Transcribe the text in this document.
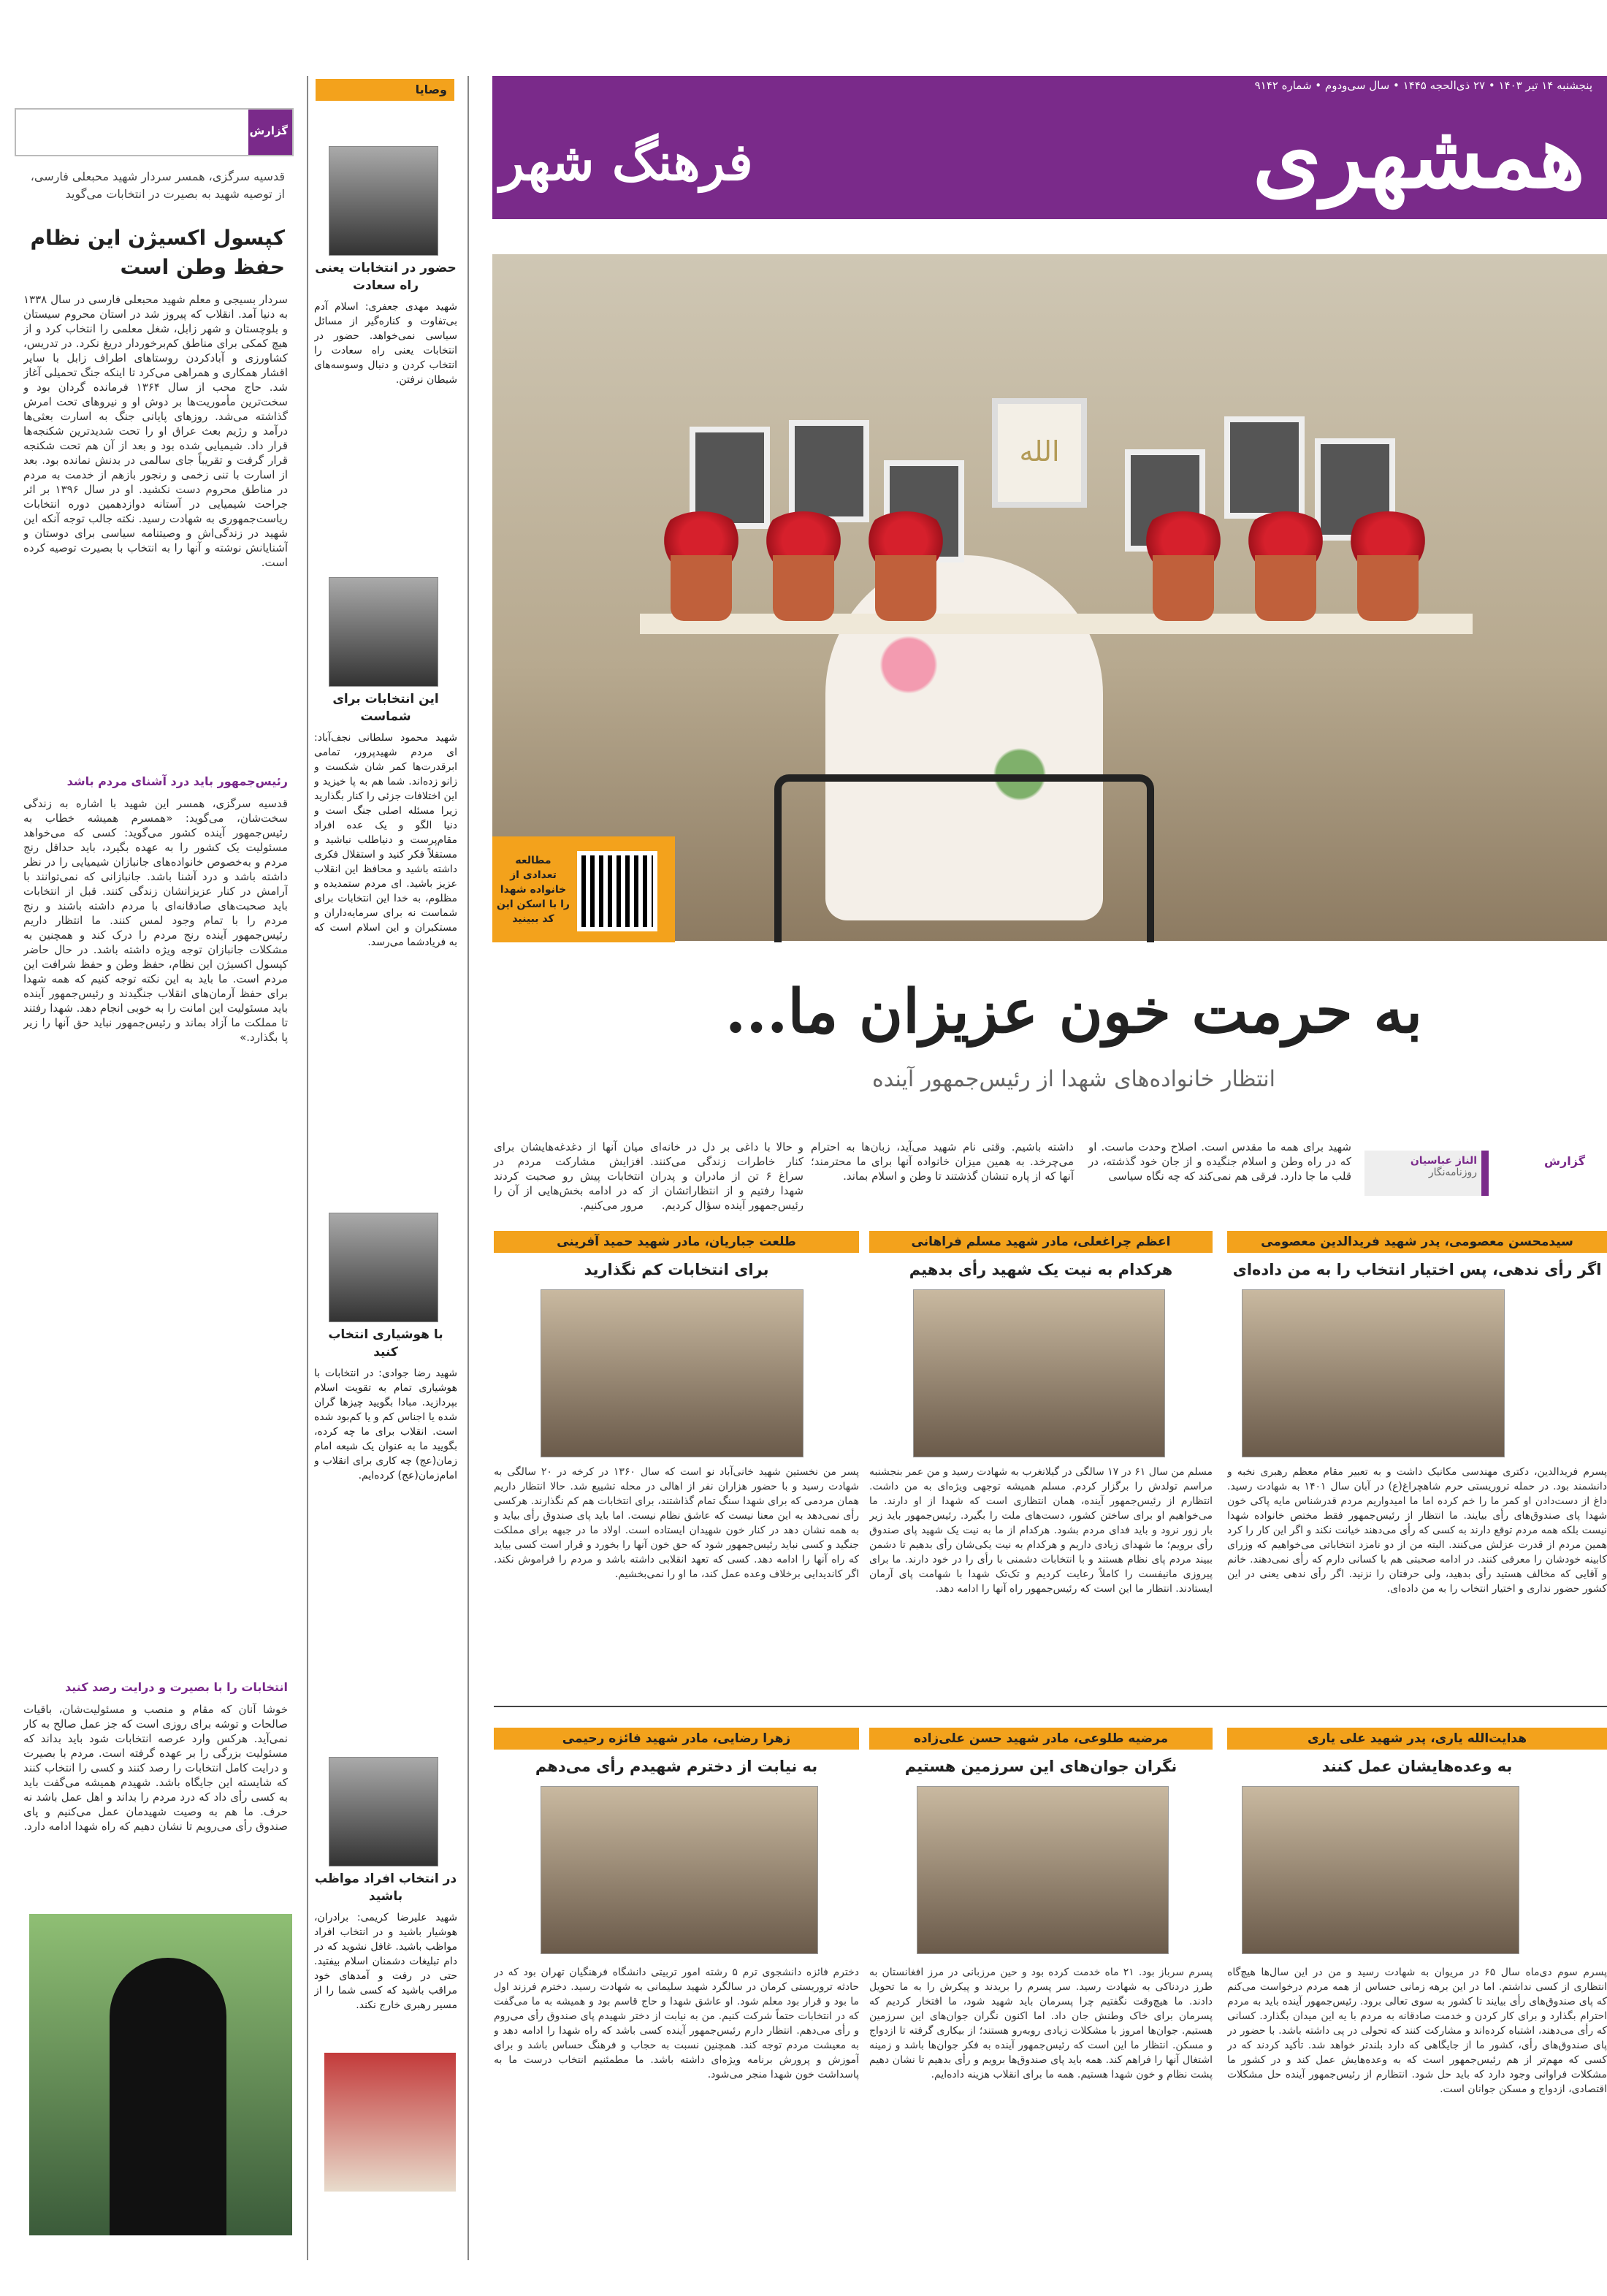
پنجشنبه ۱۴ تیر ۱۴۰۳ • ۲۷ ذی‌الحجه ۱۴۴۵ • سال سی‌ودوم • شماره ۹۱۴۲
همشهری
فرهنگ شهر
الله
مطالعه تعدادی از خانواده شهدا را با اسکن این کد ببینید
به حرمت خون عزیزان ما...
انتظار خانواده‌های شهدا از رئیس‌جمهور آینده
گزارش
الناز عباسیان
روزنامه‌نگار
شهید برای همه ما مقدس است. اصلاح وحدت ماست. او که در راه وطن و اسلام جنگیده و از جان خود گذشته، در قلب ما جا دارد. فرقی هم نمی‌کند که چه نگاه سیاسی
داشته باشیم. وقتی نام شهید می‌آید، زبان‌ها به احترام می‌چرخد. به همین میزان خانواده آنها برای ما محترمند؛ آنها که از پاره تنشان گذشتند تا وطن و اسلام بماند.
و حالا با داغی بر دل در خانه‌ای کنار خاطرات زندگی می‌کنند. سراغ ۶ تن از مادران و پدران شهدا رفتیم و از انتظاراتشان از رئیس‌جمهور آینده سؤال کردیم.
میان آنها از دغدغه‌هایشان برای افزایش مشارکت مردم در انتخابات پیش رو صحبت کردند که در ادامه بخش‌هایی از آن را مرور می‌کنیم.
سیدمحسن معصومی، پدر شهید فریدالدین معصومی
اگر رأی ندهی، پس اختیار انتخاب را به من داده‌ای
پسرم فریدالدین، دکتری مهندسی مکانیک داشت و به تعبیر مقام معظم رهبری نخبه و دانشمند بود. در حمله تروریستی حرم شاهچراغ(ع) در آبان سال ۱۴۰۱ به شهادت رسید. داغ از دست‌دادن او کمر ما را خم کرده اما ما امیدواریم مردم قدرشناس مایه پاکی خون شهدا پای صندوق‌های رأی بیایند. ما انتظار از رئیس‌جمهور فقط مختص خانواده شهدا نیست بلکه همه مردم توقع دارند به کسی که رأی می‌دهند خیانت نکند و اگر این کار را کرد همین مردم از قدرت عزلش می‌کنند. البته من از دو نامزد انتخاباتی می‌خواهیم که وزرای کابینه خودشان را معرفی کنند. در ادامه صحبتی هم با کسانی دارم که رأی نمی‌دهند. خانم و آقایی که مخالف هستید رأی بدهید، ولی حرفتان را نزنید. اگر رأی ندهی یعنی در این کشور حضور نداری و اختیار انتخاب را به من داده‌ای.
اعظم چراغعلی، مادر شهید مسلم فراهانی
هرکدام به نیت یک شهید رأی بدهیم
مسلم من سال ۶۱ در ۱۷ سالگی در گیلانغرب به شهادت رسید و من عمر بنجشنبه مراسم تولدش را برگزار کردم. مسلم همیشه توجهی ویژه‌ای به من داشت. انتظارم از رئیس‌جمهور آینده، همان انتظاری است که شهدا از او دارند. ما می‌خواهیم او برای ساختن کشور، دست‌های ملت را بگیرد. رئیس‌جمهور باید زیر بار زور نرود و باید فدای مردم بشود. هرکدام از ما به نیت یک شهید پای صندوق رأی برویم؛ ما شهدای زیادی داریم و هرکدام به نیت یکی‌شان رأی بدهیم تا دشمن ببیند مردم پای نظام هستند و با انتخابات دشمنی با رأی را در خود دارند. ما برای پیروزی مانیفست را کاملاً رعایت کردیم و تک‌تک شهدا با شهامت پای آرمان ایستادند. انتظار ما این است که رئیس‌جمهور راه آنها را ادامه دهد.
طلعت جباریان، مادر شهید حمید آفرینی
برای انتخابات کم نگذارید
پسر من نخستین شهید خانی‌آباد نو است که سال ۱۳۶۰ در کرخه در ۲۰ سالگی به شهادت رسید و با حضور هزاران نفر از اهالی در محله تشییع شد. حالا انتظار داریم همان مردمی که برای شهدا سنگ تمام گذاشتند، برای انتخابات هم کم نگذارند. هرکسی رأی نمی‌دهد به این معنا نیست که عاشق نظام نیست. اما باید پای صندوق رأی بیاید و به همه نشان دهد در کنار خون شهیدان ایستاده است. اولاد ما در جبهه برای مملکت جنگید و کسی نباید رئیس‌جمهور شود که حق خون آنها را بخورد و قرار است کسی بیاید که راه آنها را ادامه دهد. کسی که تعهد انقلابی داشته باشد و مردم را فراموش نکند. اگر کاندیدایی برخلاف وعده عمل کند، ما او را نمی‌بخشیم.
هدایت‌الله یاری، پدر شهید علی یاری
به وعده‌هایشان عمل کنند
پسرم سوم دی‌ماه سال ۶۵ در مریوان به شهادت رسید و من در این سال‌ها هیچ‌گاه انتظاری از کسی نداشتم. اما در این برهه زمانی حساس از همه مردم درخواست می‌کنم که پای صندوق‌های رأی بیایند تا کشور به سوی تعالی برود. رئیس‌جمهور آینده باید به مردم احترام بگذارد و برای کار کردن و خدمت صادقانه به مردم با یه این میدان بگذارد. کسانی که رأی می‌دهند، اشتباه کرده‌اند و مشارکت کنند که تحولی در پی داشته باشد. با حضور در پای صندوق‌های رأی، کشور ما از جایگاهی که دارد بلندتر خواهد شد. تأکید کردند که در کسی که مهم‌تر از هم رئیس‌جمهور است که به وعده‌هایش عمل کند و در کشور ما مشکلات فراوانی وجود دارد که باید حل شود. انتظارم از رئیس‌جمهور آینده حل مشکلات اقتصادی، ازدواج و مسکن جوانان است.
مرضیه طلوعی، مادر شهید حسن علی‌زاده
نگران جوان‌های این سرزمین هستیم
پسرم سرباز بود. ۲۱ ماه خدمت کرده بود و حین مرزبانی در مرز افغانستان به طرز دردناکی به شهادت رسید. سر پسرم را بریدند و پیکرش را به ما تحویل دادند. ما هیچ‌وقت نگفتیم چرا پسرمان باید شهید شود، ما افتخار کردیم که پسرمان برای خاک وطنش جان داد. اما اکنون نگران جوان‌های این سرزمین هستیم. جوان‌ها امروز با مشکلات زیادی روبه‌رو هستند؛ از بیکاری گرفته تا ازدواج و مسکن. انتظار ما این است که رئیس‌جمهور آینده به فکر جوان‌ها باشد و زمینه اشتغال آنها را فراهم کند. همه باید پای صندوق‌ها برویم و رأی بدهیم تا نشان دهیم پشت نظام و خون شهدا هستیم. همه ما برای انقلاب هزینه داده‌ایم.
زهرا رضایی، مادر شهید فائزه رحیمی
به نیابت از دخترم شهیدم رأی می‌دهم
دخترم فائزه دانشجوی ترم ۵ رشته امور تربیتی دانشگاه فرهنگیان تهران بود که در حادثه تروریستی کرمان در سالگرد شهید سلیمانی به شهادت رسید. دخترم فرزند اول ما بود و قرار بود معلم شود. او عاشق شهدا و حاج قاسم بود و همیشه به ما می‌گفت که در انتخابات حتماً شرکت کنیم. من به نیابت از دختر شهیدم پای صندوق رأی می‌روم و رأی می‌دهم. انتظار دارم رئیس‌جمهور آینده کسی باشد که راه شهدا را ادامه دهد و به معیشت مردم توجه کند. همچنین نسبت به حجاب و فرهنگ حساس باشد و برای آموزش و پرورش برنامه ویژه‌ای داشته باشد. ما مطمئنیم انتخاب درست ما به پاسداشت خون شهدا منجر می‌شود.
گزارش
قدسیه سرگزی، همسر سردار شهید محبعلی فارسی، از توصیه شهید به بصیرت در انتخابات می‌گوید
کپسول اکسیژن این نظام حفظ وطن است
سردار بسیجی و معلم شهید محبعلی فارسی در سال ۱۳۳۸ به دنیا آمد. انقلاب که پیروز شد در استان محروم سیستان و بلوچستان و شهر زابل، شغل معلمی را انتخاب کرد و از هیچ کمکی برای مناطق کم‌برخوردار دریغ نکرد. در تدریس، کشاورزی و آبادکردن روستاهای اطراف زابل با سایر اقشار همکاری و همراهی می‌کرد تا اینکه جنگ تحمیلی آغاز شد. حاج محب از سال ۱۳۶۴ فرمانده گردان بود و سخت‌ترین مأموریت‌ها بر دوش او و نیروهای تحت امرش گذاشته می‌شد. روزهای پایانی جنگ به اسارت بعثی‌ها درآمد و رژیم بعث عراق او را تحت شدیدترین شکنجه‌ها قرار داد. شیمیایی شده بود و بعد از آن هم تحت شکنجه قرار گرفت و تقریباً جای سالمی در بدنش نمانده بود. بعد از اسارت با تنی زخمی و رنجور بازهم از خدمت به مردم در مناطق محروم دست نکشید. او در سال ۱۳۹۶ بر اثر جراحت شیمیایی در آستانه دوازدهمین دوره انتخابات ریاست‌جمهوری به شهادت رسید. نکته جالب توجه آنکه این شهید در زندگی‌اش و وصیتنامه سیاسی برای دوستان و آشنایانش نوشته و آنها را به انتخاب با بصیرت توصیه کرده است.
رئیس‌جمهور باید درد آشنای مردم باشد
قدسیه سرگزی، همسر این شهید با اشاره به زندگی سخت‌شان، می‌گوید: «همسرم همیشه خطاب به رئیس‌جمهور آینده کشور می‌گوید: کسی که می‌خواهد مسئولیت یک کشور را به عهده بگیرد، باید حداقل رنج مردم و به‌خصوص خانواده‌های جانبازان شیمیایی را در نظر داشته باشد و درد آشنا باشد. جانبازانی که نمی‌توانند با آرامش در کنار عزیزانشان زندگی کنند. قبل از انتخابات باید صحبت‌های صادقانه‌ای با مردم داشته باشند و رنج مردم را با تمام وجود لمس کنند. ما انتظار داریم رئیس‌جمهور آینده رنج مردم را درک کند و همچنین به مشکلات جانبازان توجه ویژه داشته باشد. در حال حاضر کپسول اکسیژن این نظام، حفظ وطن و حفظ شرافت این مردم است. ما باید به این نکته توجه کنیم که همه شهدا برای حفظ آرمان‌های انقلاب جنگیدند و رئیس‌جمهور آینده باید مسئولیت این امانت را به خوبی انجام دهد. شهدا رفتند تا مملکت ما آزاد بماند و رئیس‌جمهور نباید حق آنها را زیر پا بگذارد.»
انتخابات را با بصیرت و درایت رصد کنید
خوشا آنان که مقام و منصب و مسئولیت‌شان، باقیات صالحات و توشه برای روزی است که جز عمل صالح به کار نمی‌آید. هرکس وارد عرصه انتخابات شود باید بداند که مسئولیت بزرگی را بر عهده گرفته است. مردم با بصیرت و درایت کامل انتخابات را رصد کنند و کسی را انتخاب کنند که شایسته این جایگاه باشد. شهیدم همیشه می‌گفت باید به کسی رأی داد که درد مردم را بداند و اهل عمل باشد نه حرف. ما هم به وصیت شهیدمان عمل می‌کنیم و پای صندوق رأی می‌رویم تا نشان دهیم که راه شهدا ادامه دارد.
وصایا
حضور در انتخابات یعنی راه سعادت
شهید مهدی جعفری: اسلام آدم بی‌تفاوت و کناره‌گیر از مسائل سیاسی نمی‌خواهد. حضور در انتخابات یعنی راه سعادت را انتخاب کردن و دنبال وسوسه‌های شیطان نرفتن.
این انتخابات برای شماست
شهید محمود سلطانی نجف‌آباد: ای مردم شهیدپرور، تمامی ابرقدرت‌ها کمر شان شکست و زانو زده‌اند. شما هم به پا خیزید و این اختلافات جزئی را کنار بگذارید زیرا مسئله اصلی جنگ است و دنیا الگو و یک عده افراد مقام‌پرست و دنیاطلب نباشید و مستقلاً فکر کنید و استقلال فکری داشته باشید و محافظ این انقلاب عزیز باشید. ای مردم ستمدیده و مظلوم، به خدا این انتخابات برای شماست نه برای سرمایه‌داران و مستکبران و این اسلام است که به فریادشما می‌رسد.
با هوشیاری انتخاب کنید
شهید رضا جوادی: در انتخابات با هوشیاری تمام به تقویت اسلام بپردازید. مبادا بگویید چیزها گران شده یا اجناس کم و یا کم‌بود شده است. انقلاب برای ما چه کرده، بگویید ما به عنوان یک شیعه امام زمان(عج) چه کاری برای انقلاب و امام‌زمان(عج) کرده‌ایم.
در انتخاب افراد مواظب باشید
شهید علیرضا کریمی: برادران، هوشیار باشید و در انتخاب افراد مواظب باشید. غافل نشوید که در دام تبلیغات دشمنان اسلام بیفتید. حتی در رفت و آمدهای خود مراقب باشید که کسی شما را از مسیر رهبری خارج نکند.
